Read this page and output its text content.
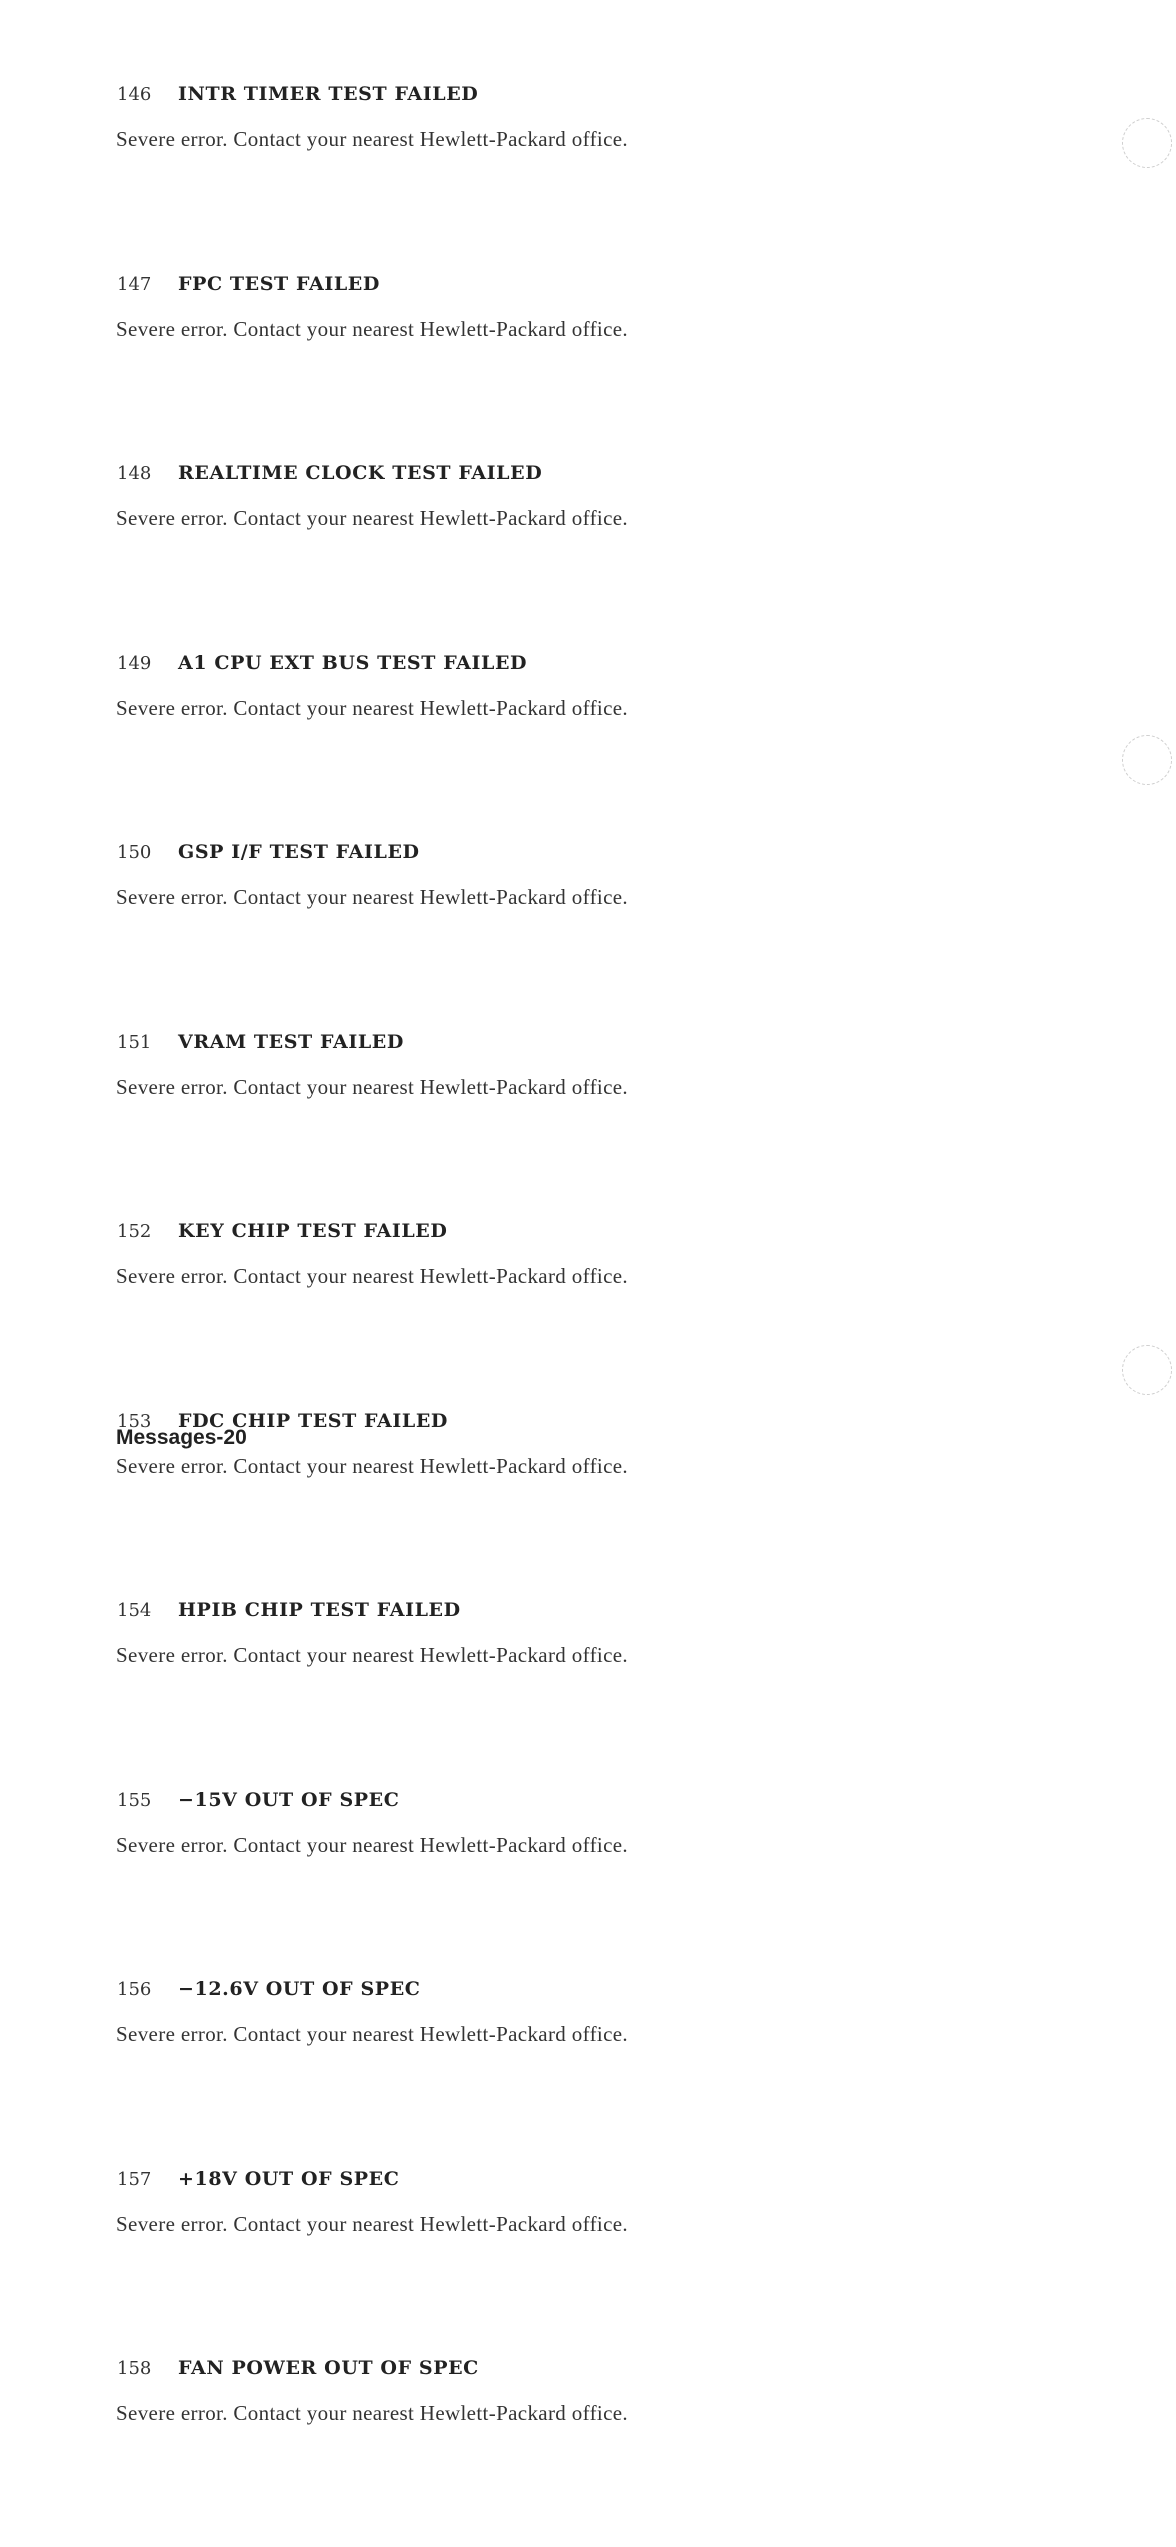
146	INTR TIMER TEST FAILED
Severe error. Contact your nearest Hewlett-Packard office.
147	FPC TEST FAILED
Severe error. Contact your nearest Hewlett-Packard office.
148	REALTIME CLOCK TEST FAILED
Severe error. Contact your nearest Hewlett-Packard office.
149	A1 CPU EXT BUS TEST FAILED
Severe error. Contact your nearest Hewlett-Packard office.
150	GSP I/F TEST FAILED
Severe error. Contact your nearest Hewlett-Packard office.
151	VRAM TEST FAILED
Severe error. Contact your nearest Hewlett-Packard office.
152	KEY CHIP TEST FAILED
Severe error. Contact your nearest Hewlett-Packard office.
153	FDC CHIP TEST FAILED
Severe error. Contact your nearest Hewlett-Packard office.
154	HPIB CHIP TEST FAILED
Severe error. Contact your nearest Hewlett-Packard office.
155	−15V OUT OF SPEC
Severe error. Contact your nearest Hewlett-Packard office.
156	−12.6V OUT OF SPEC
Severe error. Contact your nearest Hewlett-Packard office.
157	+18V OUT OF SPEC
Severe error. Contact your nearest Hewlett-Packard office.
158	FAN POWER OUT OF SPEC
Severe error. Contact your nearest Hewlett-Packard office.
Messages-20
